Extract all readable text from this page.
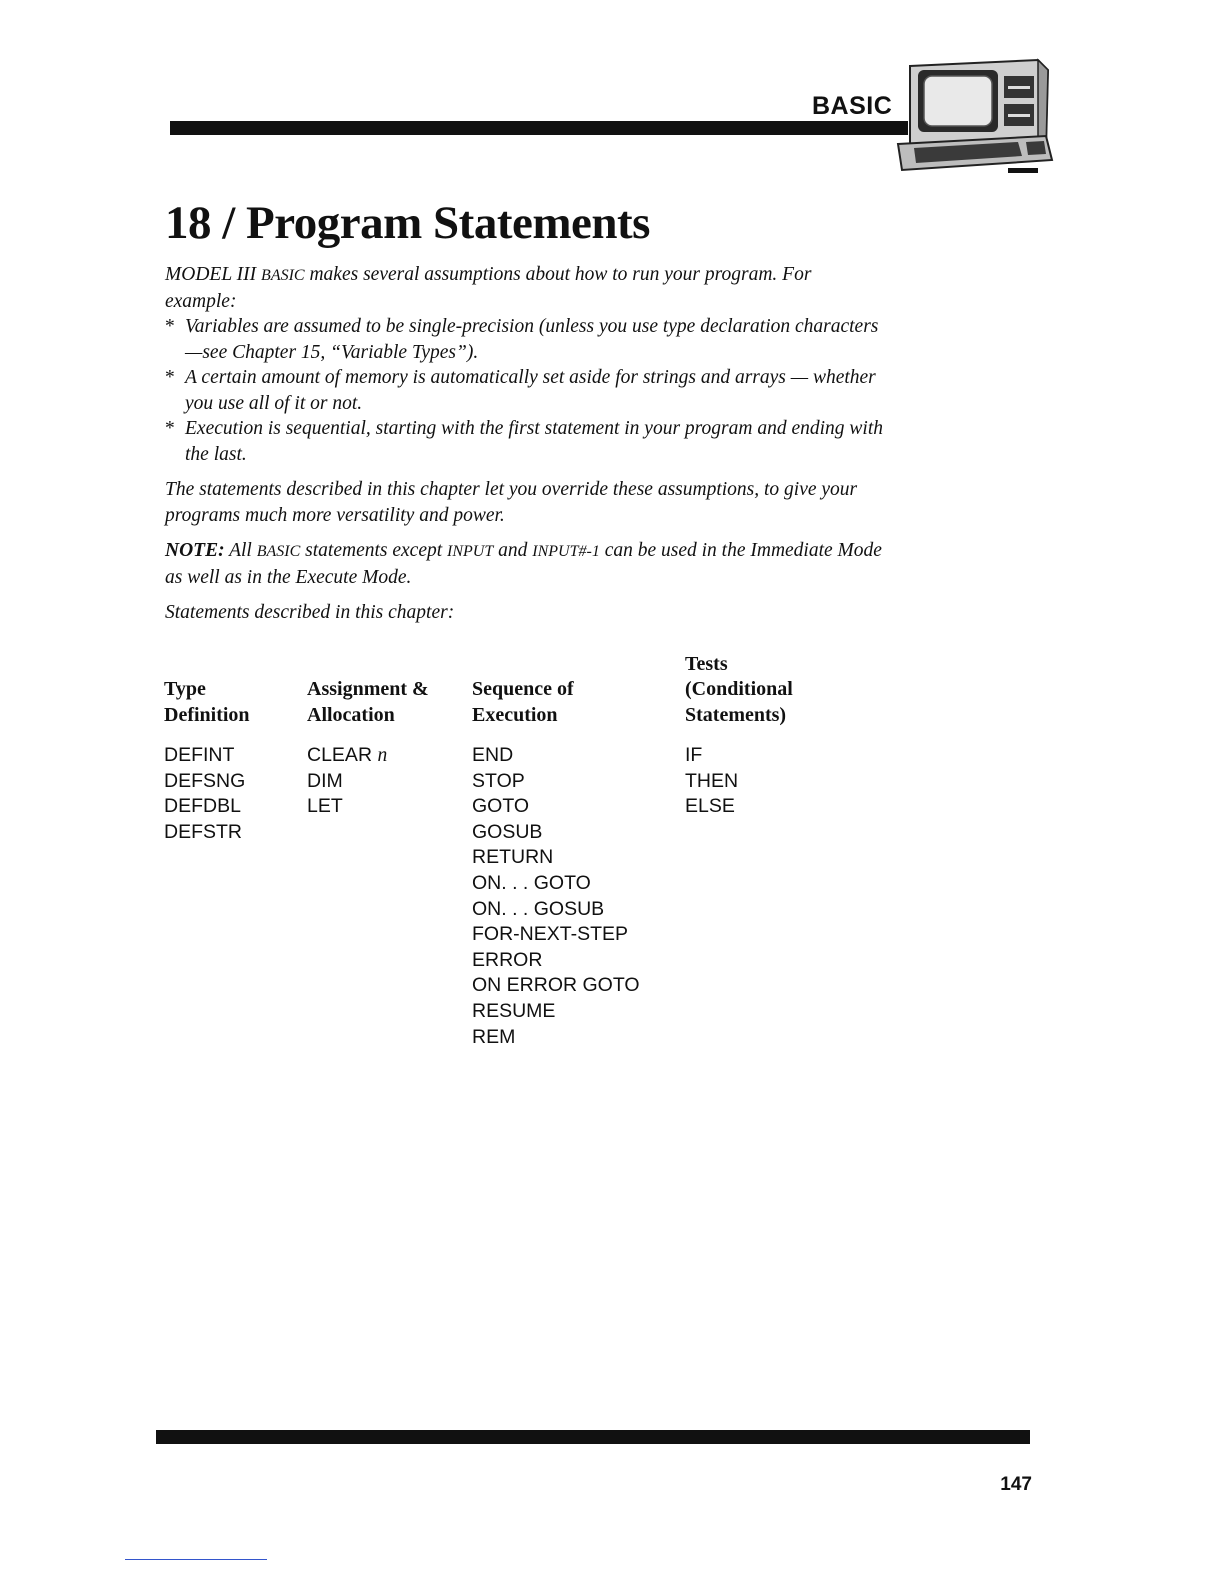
BASIC
18 / Program Statements

MODEL III BASIC makes several assumptions about how to run your program. For example:

* Variables are assumed to be single-precision (unless you use type declaration characters—see Chapter 15, “Variable Types”).
* A certain amount of memory is automatically set aside for strings and arrays — whether you use all of it or not.
* Execution is sequential, starting with the first statement in your program and ending with the last.

The statements described in this chapter let you override these assumptions, to give your programs much more versatility and power.

NOTE: All BASIC statements except INPUT and INPUT#-1 can be used in the Immediate Mode as well as in the Execute Mode.

Statements described in this chapter:

Type
Definition
Assignment &
Allocation
Sequence of
Execution
Tests
(Conditional
Statements)
DEFINT
DEFSNG
DEFDBL
DEFSTR
CLEAR n
DIM
LET
END
STOP
GOTO
GOSUB
RETURN
ON. . . GOTO
ON. . . GOSUB
FOR-NEXT-STEP
ERROR
ON ERROR GOTO
RESUME
REM
IF
THEN
ELSE
147
